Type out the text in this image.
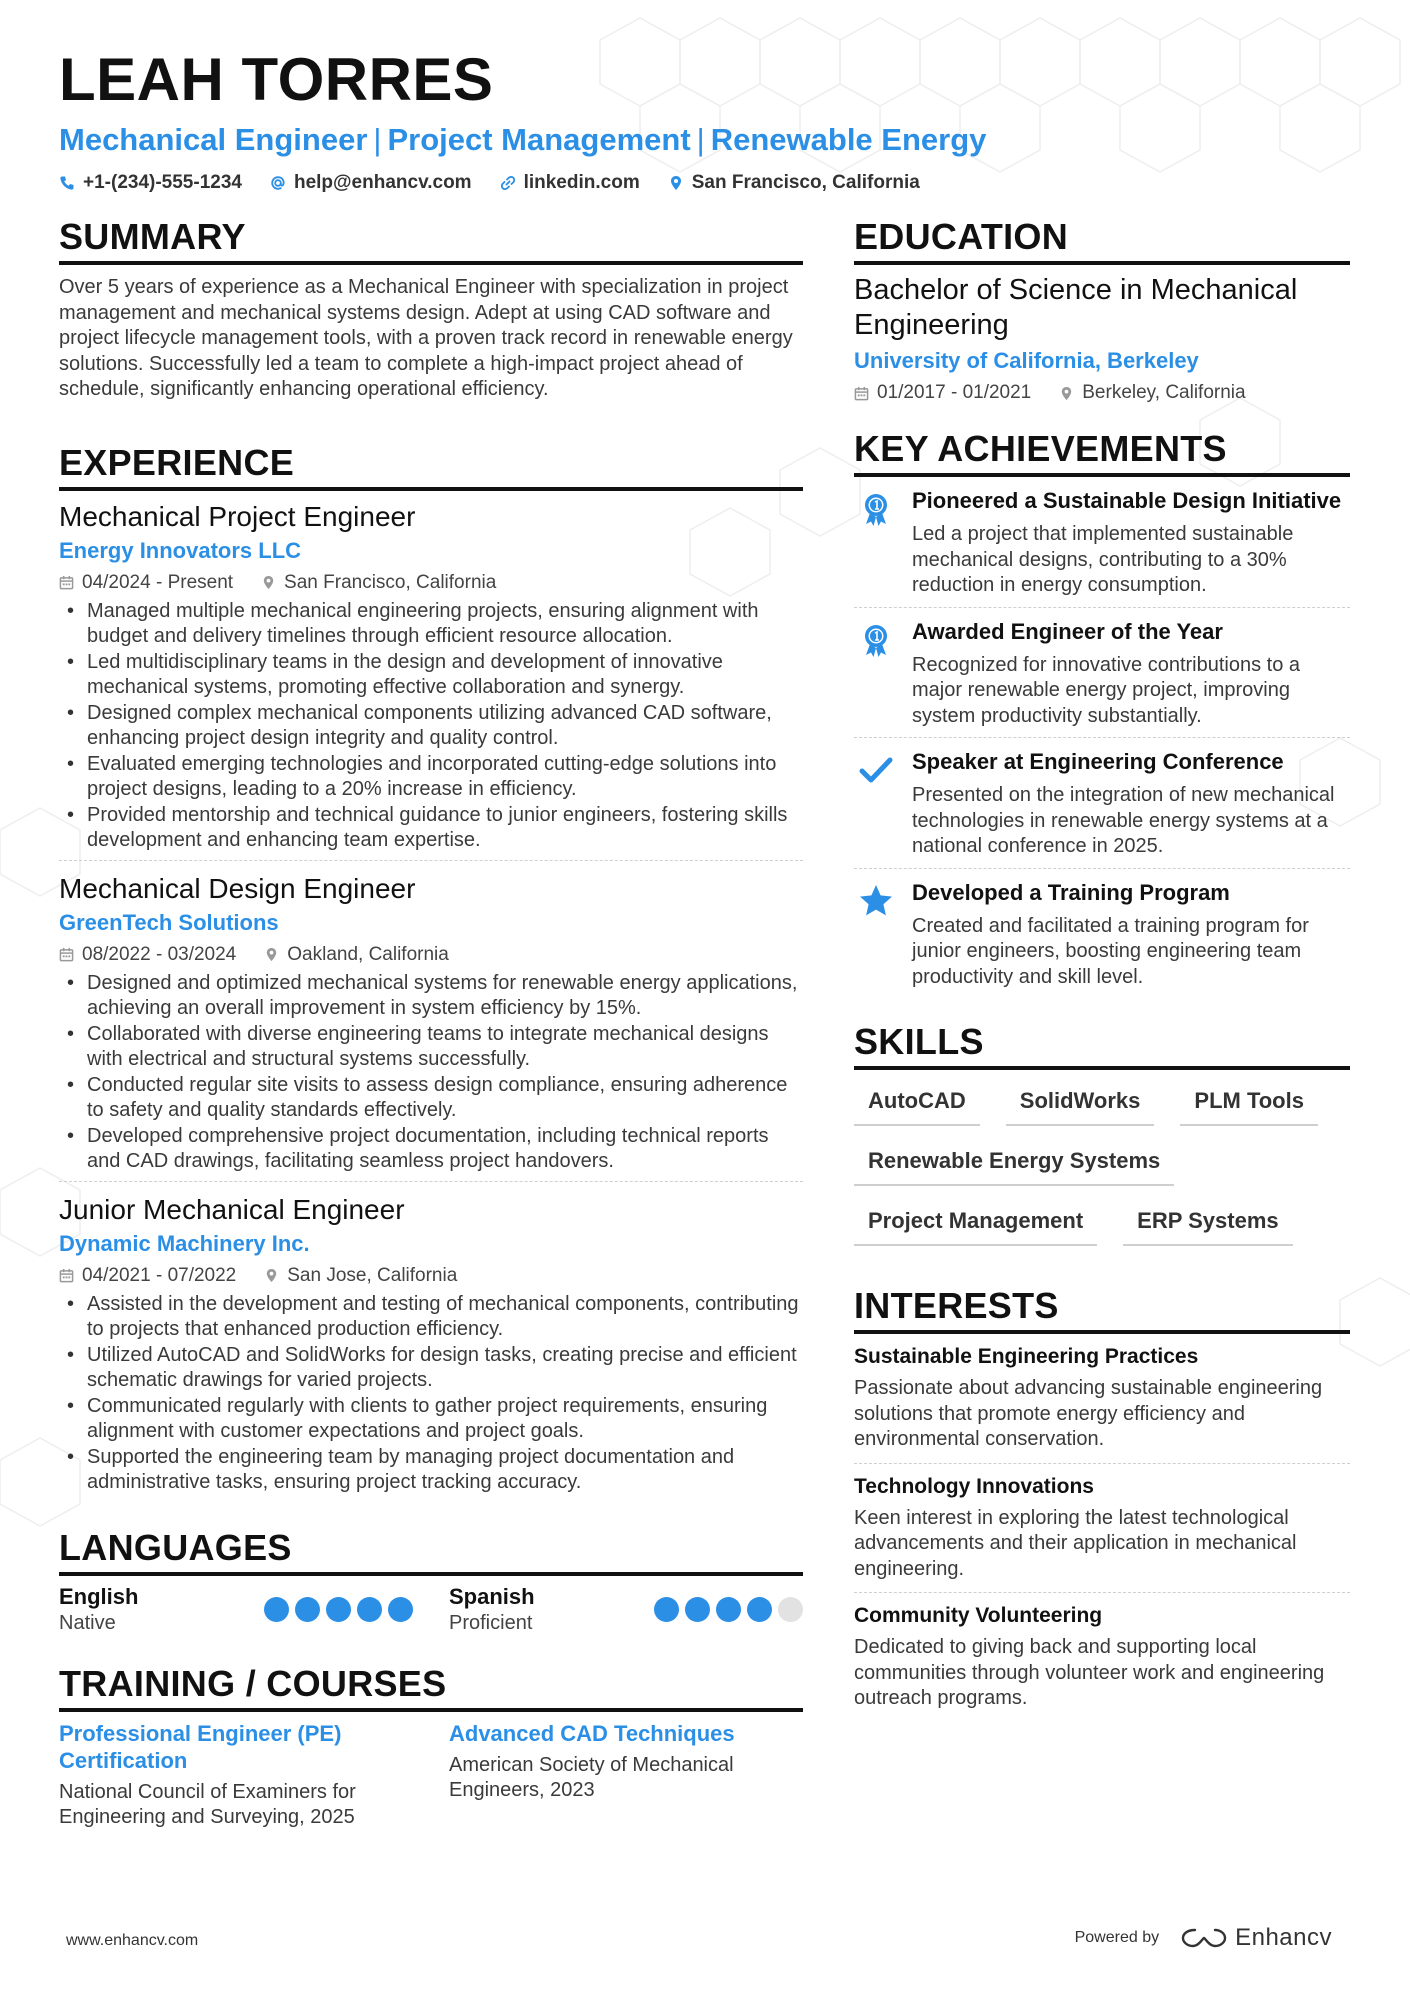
LEAH TORRES
Mechanical Engineer | Project Management | Renewable Energy
+1-(234)-555-1234	help@enhancv.com	linkedin.com	San Francisco, California
SUMMARY
Over 5 years of experience as a Mechanical Engineer with specialization in project management and mechanical systems design. Adept at using CAD software and project lifecycle management tools, with a proven track record in renewable energy solutions. Successfully led a team to complete a high-impact project ahead of schedule, significantly enhancing operational efficiency.
EXPERIENCE
Mechanical Project Engineer
Energy Innovators LLC
04/2024 - Present	San Francisco, California
• Managed multiple mechanical engineering projects, ensuring alignment with budget and delivery timelines through efficient resource allocation.
• Led multidisciplinary teams in the design and development of innovative mechanical systems, promoting effective collaboration and synergy.
• Designed complex mechanical components utilizing advanced CAD software, enhancing project design integrity and quality control.
• Evaluated emerging technologies and incorporated cutting-edge solutions into project designs, leading to a 20% increase in efficiency.
• Provided mentorship and technical guidance to junior engineers, fostering skills development and enhancing team expertise.
Mechanical Design Engineer
GreenTech Solutions
08/2022 - 03/2024	Oakland, California
• Designed and optimized mechanical systems for renewable energy applications, achieving an overall improvement in system efficiency by 15%.
• Collaborated with diverse engineering teams to integrate mechanical designs with electrical and structural systems successfully.
• Conducted regular site visits to assess design compliance, ensuring adherence to safety and quality standards effectively.
• Developed comprehensive project documentation, including technical reports and CAD drawings, facilitating seamless project handovers.
Junior Mechanical Engineer
Dynamic Machinery Inc.
04/2021 - 07/2022	San Jose, California
• Assisted in the development and testing of mechanical components, contributing to projects that enhanced production efficiency.
• Utilized AutoCAD and SolidWorks for design tasks, creating precise and efficient schematic drawings for varied projects.
• Communicated regularly with clients to gather project requirements, ensuring alignment with customer expectations and project goals.
• Supported the engineering team by managing project documentation and administrative tasks, ensuring project tracking accuracy.
LANGUAGES
English
Native
Spanish
Proficient
TRAINING / COURSES
Professional Engineer (PE) Certification
National Council of Examiners for Engineering and Surveying, 2025
Advanced CAD Techniques
American Society of Mechanical Engineers, 2023
EDUCATION
Bachelor of Science in Mechanical Engineering
University of California, Berkeley
01/2017 - 01/2021	Berkeley, California
KEY ACHIEVEMENTS
Pioneered a Sustainable Design Initiative
Led a project that implemented sustainable mechanical designs, contributing to a 30% reduction in energy consumption.
Awarded Engineer of the Year
Recognized for innovative contributions to a major renewable energy project, improving system productivity substantially.
Speaker at Engineering Conference
Presented on the integration of new mechanical technologies in renewable energy systems at a national conference in 2025.
Developed a Training Program
Created and facilitated a training program for junior engineers, boosting engineering team productivity and skill level.
SKILLS
AutoCAD	SolidWorks	PLM Tools
Renewable Energy Systems
Project Management	ERP Systems
INTERESTS
Sustainable Engineering Practices
Passionate about advancing sustainable engineering solutions that promote energy efficiency and environmental conservation.
Technology Innovations
Keen interest in exploring the latest technological advancements and their application in mechanical engineering.
Community Volunteering
Dedicated to giving back and supporting local communities through volunteer work and engineering outreach programs.
www.enhancv.com	Powered by	Enhancv
